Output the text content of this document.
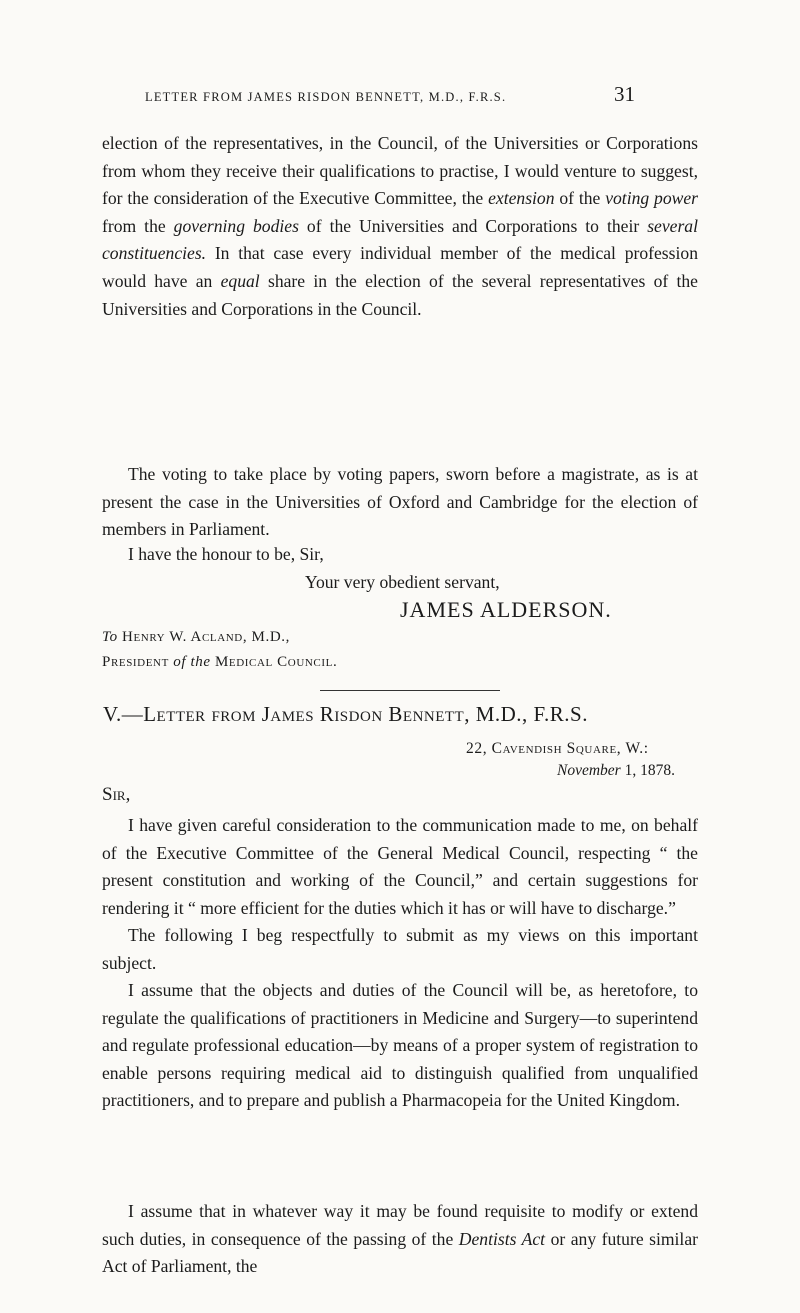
LETTER FROM JAMES RISDON BENNETT, M.D., F.R.S.	31

election of the representatives, in the Council, of the Universities or Corporations from whom they receive their qualifications to practise, I would venture to suggest, for the consideration of the Executive Committee, the extension of the voting power from the governing bodies of the Universities and Corporations to their several constituencies. In that case every individual member of the medical profession would have an equal share in the election of the several representatives of the Universities and Corporations in the Council.

The voting to take place by voting papers, sworn before a magistrate, as is at present the case in the Universities of Oxford and Cambridge for the election of members in Parliament.

I have the honour to be, Sir,
Your very obedient servant,
JAMES ALDERSON.
To Henry W. Acland, M.D.,
President of the Medical Council.
V.—Letter from James Risdon Bennett, M.D., F.R.S.
22, Cavendish Square, W.:
November 1, 1878.
Sir,

I have given careful consideration to the communication made to me, on behalf of the Executive Committee of the General Medical Council, respecting “ the present constitution and working of the Council,” and certain suggestions for rendering it “ more efficient for the duties which it has or will have to discharge.”

The following I beg respectfully to submit as my views on this important subject.

I assume that the objects and duties of the Council will be, as heretofore, to regulate the qualifications of practitioners in Medicine and Surgery—to superintend and regulate professional education—by means of a proper system of registration to enable persons requiring medical aid to distinguish qualified from unqualified practitioners, and to prepare and publish a Pharmacopeia for the United Kingdom.

I assume that in whatever way it may be found requisite to modify or extend such duties, in consequence of the passing of the Dentists Act or any future similar Act of Parliament, the
